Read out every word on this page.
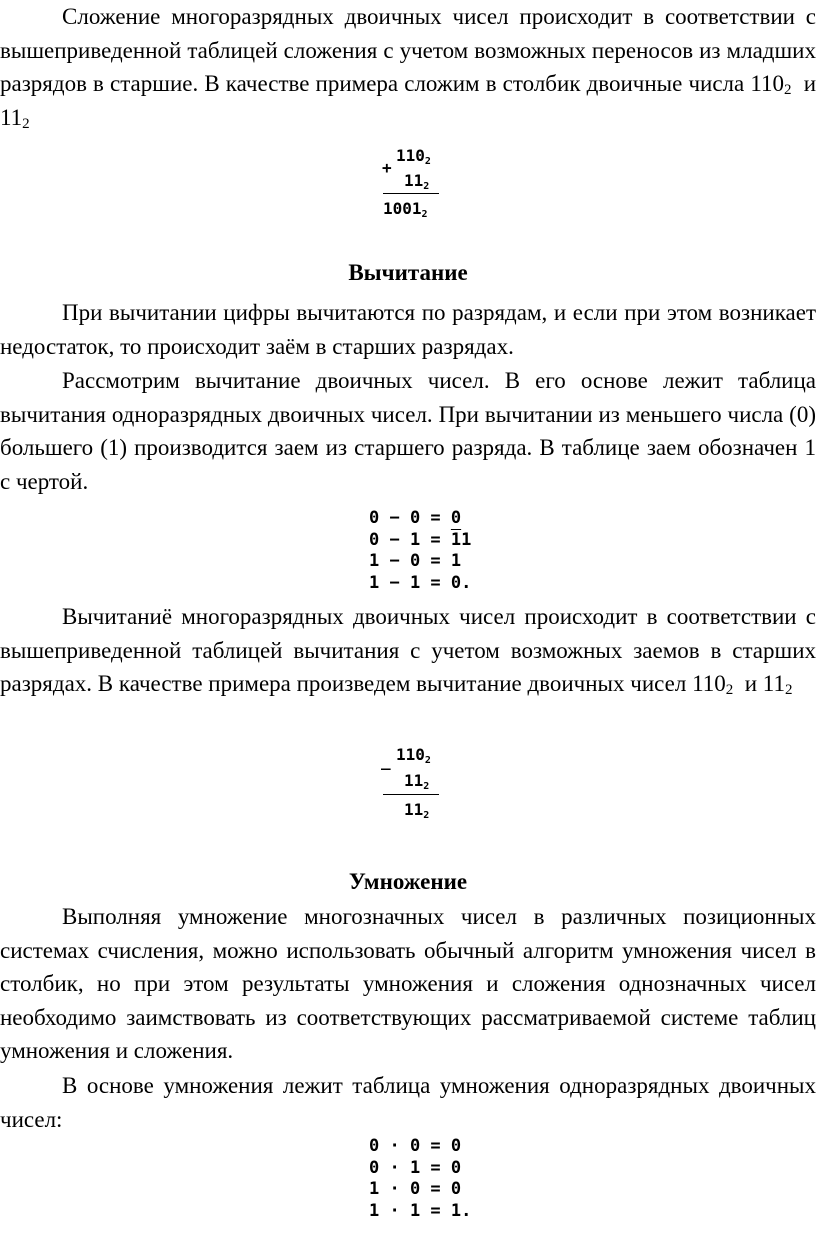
Сложение многоразрядных двоичных чисел происходит в соответствии с вышеприведенной таблицей сложения с учетом возможных переносов из младших разрядов в старшие. В качестве примера сложим в столбик двоичные числа $110_2$ и $11_2$

$110_2$
+
$11_2$
$1001_2$
Вычитание

При вычитании цифры вычитаются по разрядам, и если при этом возникает недостаток, то происходит заём в старших разрядах.

Рассмотрим вычитание двоичных чисел. В его основе лежит таблица вычитания одноразрядных двоичных чисел. При вычитании из меньшего числа (0) большего (1) производится заем из старшего разряда. В таблице заем обозначен 1 с чертой.

0 − 0 = 0
0 − 1 = 11
1 − 0 = 1
1 − 1 = 0.

Вычитаниё многоразрядных двоичных чисел происходит в соответствии с вышеприведенной таблицей вычитания с учетом возможных заемов в старших разрядах. В качестве примера произведем вычитание двоичных чисел $110_2$ и $11_2$

$110_2$
_
$11_2$
$11_2$
Умножение

Выполняя умножение многозначных чисел в различных позиционных системах счисления, можно использовать обычный алгоритм умножения чисел в столбик, но при этом результаты умножения и сложения однозначных чисел необходимо заимствовать из соответствующих рассматриваемой системе таблиц умножения и сложения.

В основе умножения лежит таблица умножения одноразрядных двоичных чисел:

0 · 0 = 0
0 · 1 = 0
1 · 0 = 0
1 · 1 = 1.
